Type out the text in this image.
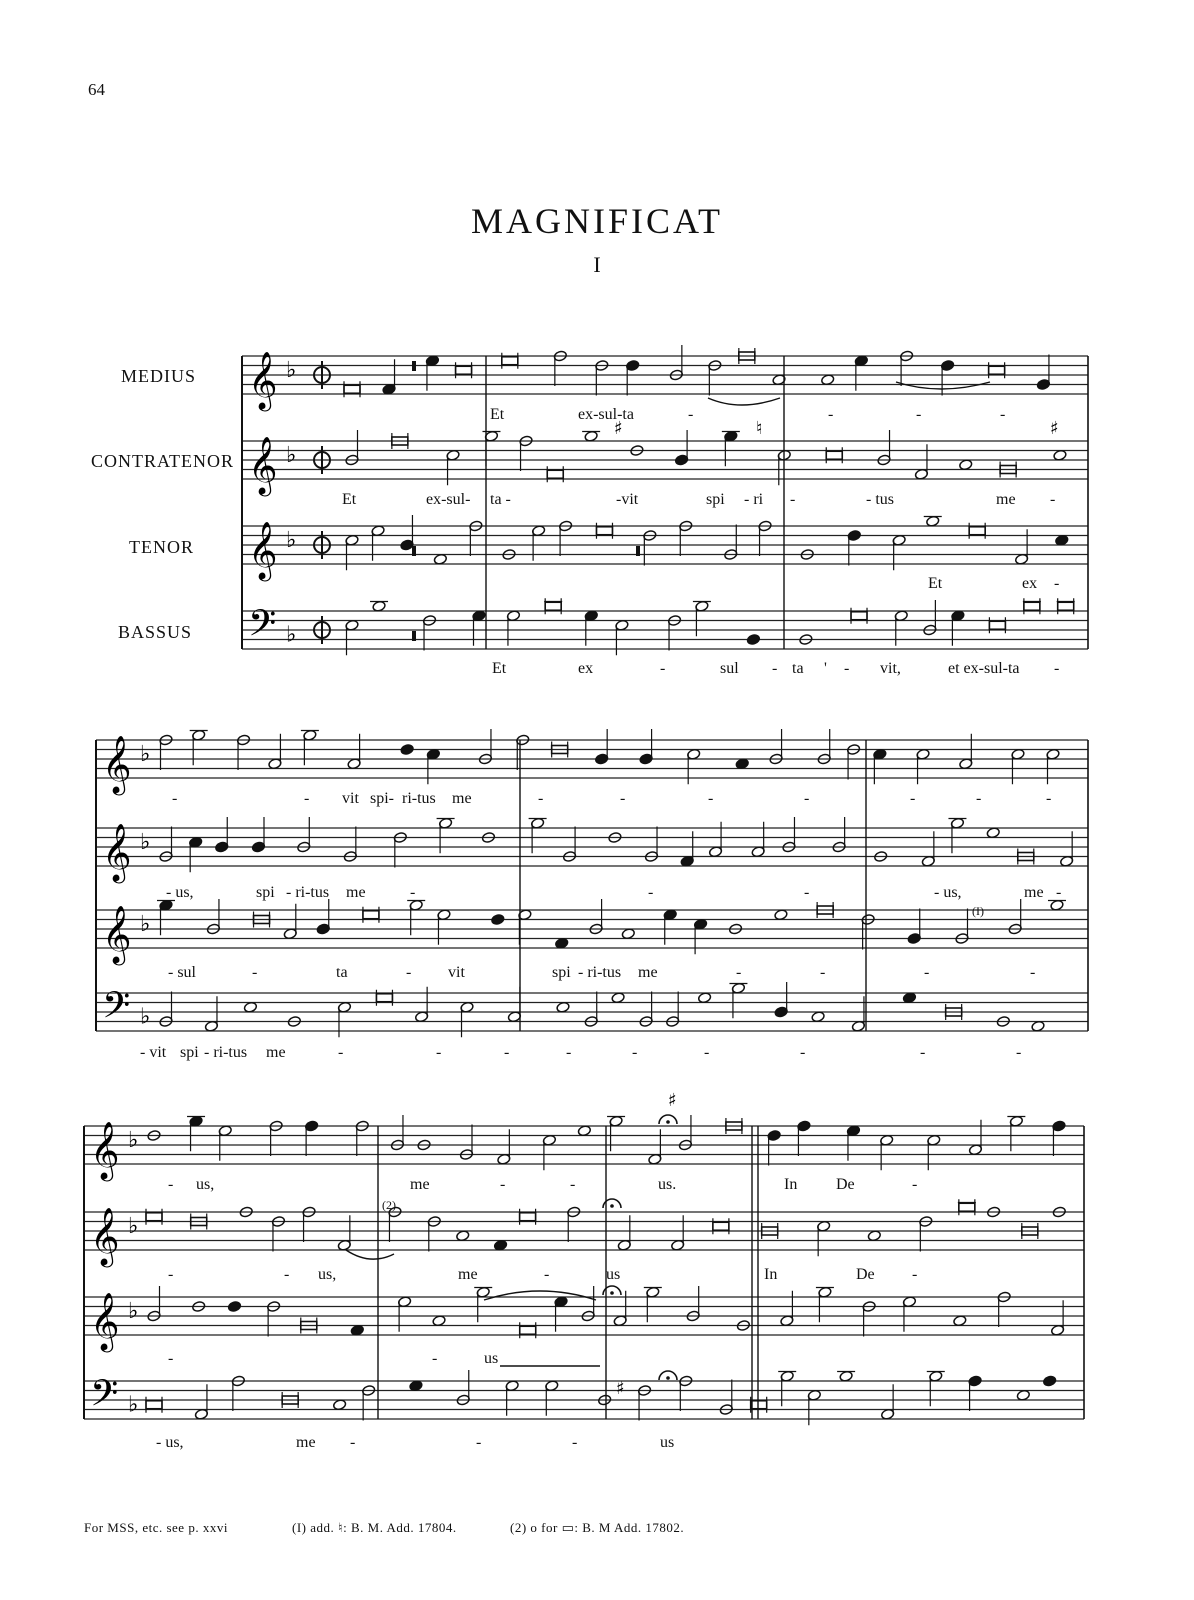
64
MAGNIFICAT
I
MEDIUS
CONTRATENOR
TENOR
BASSUS
𝄞 ♭
𝄞 ♭
𝄞 ♭
𝄢 ♭
𝄞 ♭
𝄞 ♭
𝄞 ♭
𝄢 ♭
𝄞 ♭
𝄞 ♭
𝄞 ♭
𝄢 ♭
♯	♮	♯
♯
♯
Et	ex-sul-ta	-	-	-	-
Et	ex-sul- ta -	-vit	spi - ri -	- tus	me -
Et	ex -
Et	ex	-	sul - ta ' - vit,	et ex-sul-ta -
-	- vit spi- ri-tus me	-	-	-	-	-	-	-
- us,	spi - ri-tus me	-	-	-	- us,	me -
- sul	-	ta	- vit	spi - ri-tus me	-	-	-	-
- vit spi - ri-tus me	-	-	-	-	-	-	-	-	-
- us,	me	-	-	us.	In De	-
-	- us,	me	-	us	In	De -
-	-	us
- us,	me -	-	-	us
(I)
(2)
For MSS, etc. see p. xxvi	(I) add. ♮: B. M. Add. 17804.	(2) o for ▭: B. M Add. 17802.
